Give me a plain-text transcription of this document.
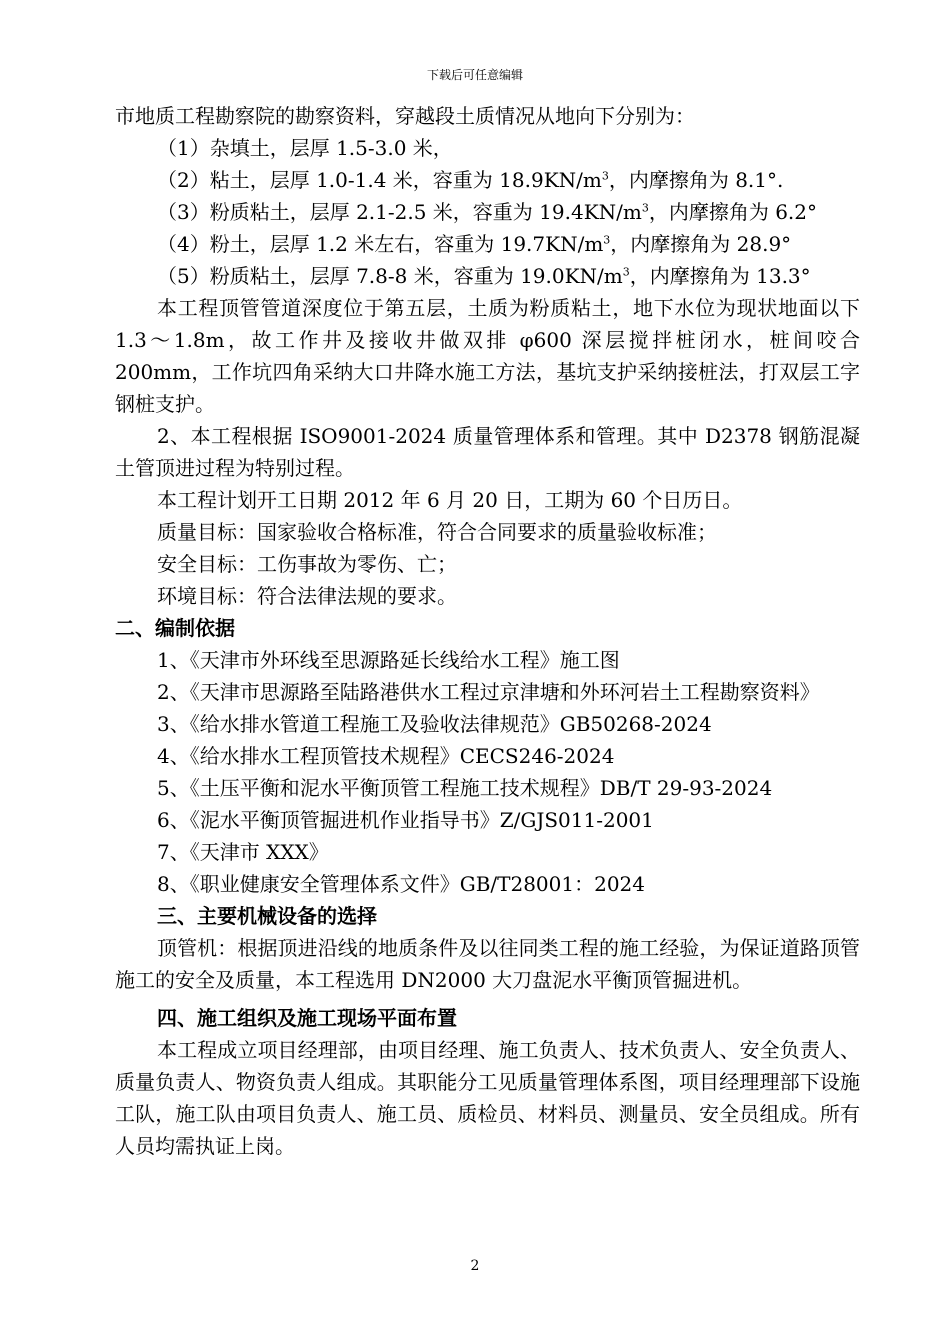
下载后可任意编辑

市地质工程勘察院的勘察资料，穿越段土质情况从地向下分别为：

（1）杂填土，层厚 1.5-3.0 米，

（2）粘土，层厚 1.0-1.4 米，容重为 $18.9KN/m^3$，内摩擦角为 8.1°.

（3）粉质粘土，层厚 2.1-2.5 米，容重为 $19.4KN/m^3$，内摩擦角为 6.2°

（4）粉土，层厚 1.2 米左右，容重为 $19.7KN/m^3$，内摩擦角为 28.9°

（5）粉质粘土，层厚 7.8-8 米，容重为 $19.0KN/m^3$，内摩擦角为 13.3°

本工程顶管管道深度位于第五层，土质为粉质粘土，地下水位为现状地面以下 1.3～1.8m，故工作井及接收井做双排 φ600 深层搅拌桩闭水，桩间咬合 200mm，工作坑四角采纳大口井降水施工方法，基坑支护采纳接桩法，打双层工字钢桩支护。

2、本工程根据 ISO9001-2024 质量管理体系和管理。其中 D2378 钢筋混凝土管顶进过程为特别过程。

本工程计划开工日期 2012 年 6 月 20 日，工期为 60 个日历日。

质量目标：国家验收合格标准，符合合同要求的质量验收标准；

安全目标：工伤事故为零伤、亡；

环境目标：符合法律法规的要求。

二、编制依据

1、《天津市外环线至思源路延长线给水工程》施工图

2、《天津市思源路至陆路港供水工程过京津塘和外环河岩土工程勘察资料》

3、《给水排水管道工程施工及验收法律规范》GB50268-2024

4、《给水排水工程顶管技术规程》CECS246-2024

5、《土压平衡和泥水平衡顶管工程施工技术规程》DB/T 29-93-2024

6、《泥水平衡顶管掘进机作业指导书》Z/GJS011-2001

7、《天津市 XXX》

8、《职业健康安全管理体系文件》GB/T28001：2024

三、主要机械设备的选择

顶管机：根据顶进沿线的地质条件及以往同类工程的施工经验，为保证道路顶管施工的安全及质量，本工程选用 DN2000 大刀盘泥水平衡顶管掘进机。

四、施工组织及施工现场平面布置

本工程成立项目经理部，由项目经理、施工负责人、技术负责人、安全负责人、质量负责人、物资负责人组成。其职能分工见质量管理体系图，项目经理理部下设施工队，施工队由项目负责人、施工员、质检员、材料员、测量员、安全员组成。所有人员均需执证上岗。

2
